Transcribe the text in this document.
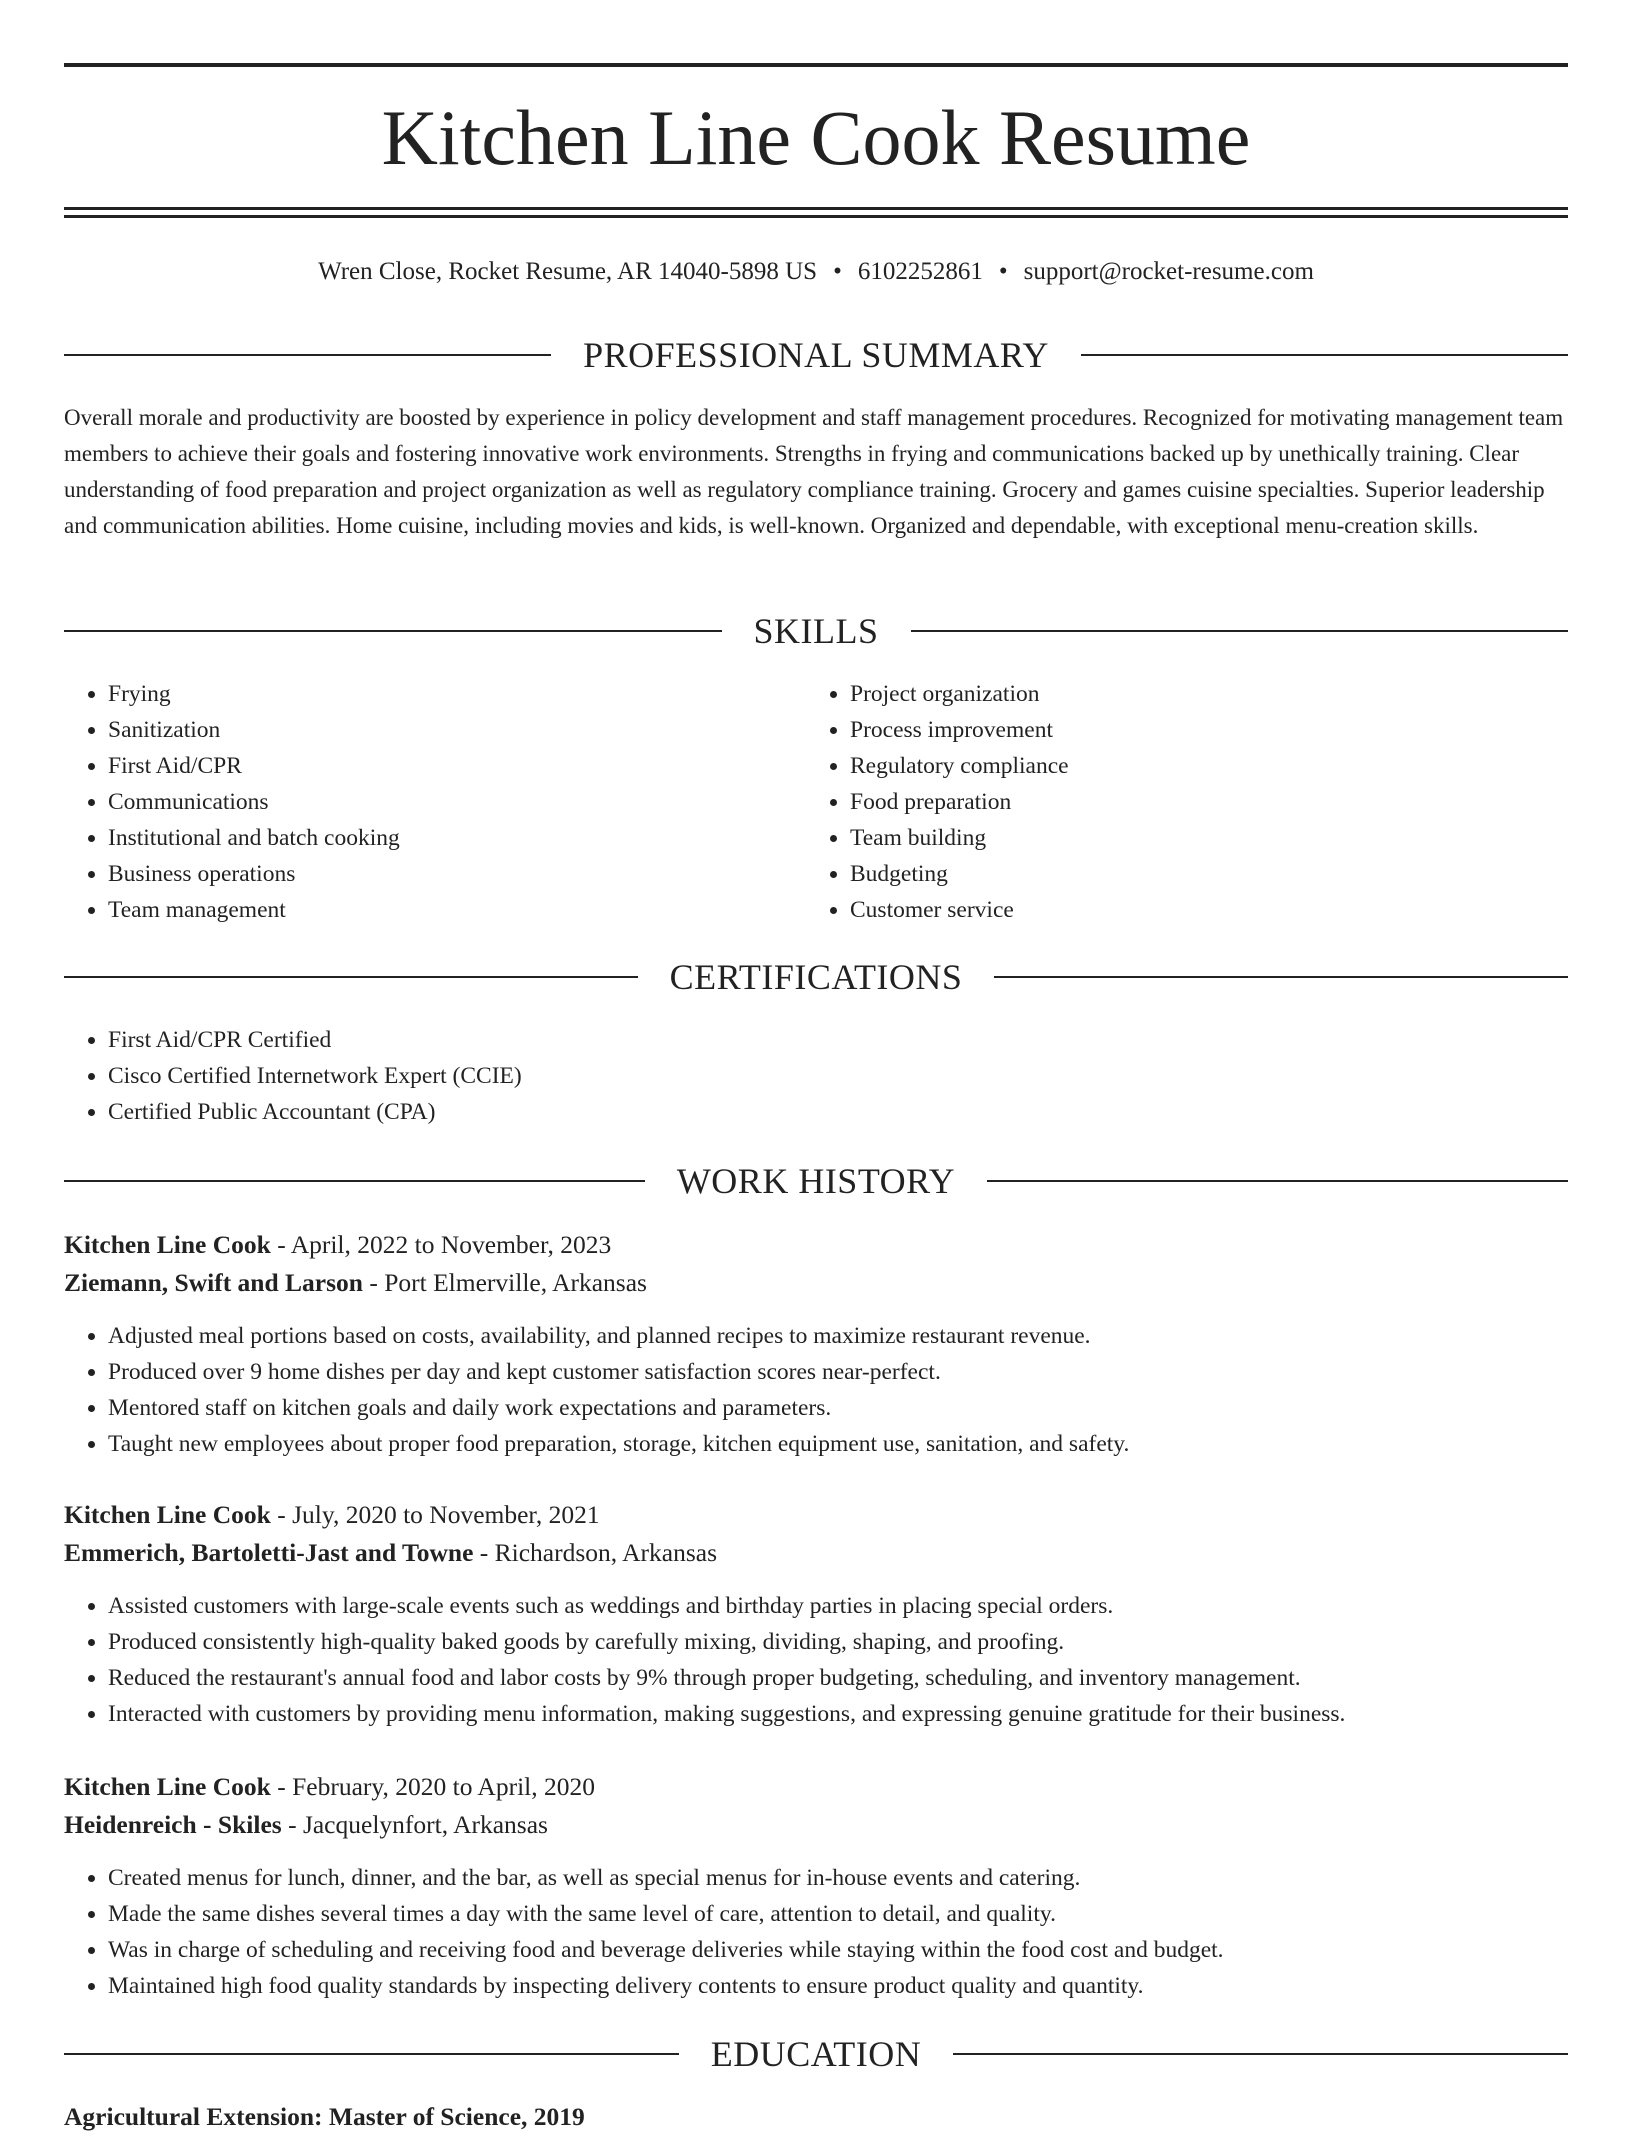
Kitchen Line Cook Resume
Wren Close, Rocket Resume, AR 14040-5898 US • 6102252861 • support@rocket-resume.com
PROFESSIONAL SUMMARY

Overall morale and productivity are boosted by experience in policy development and staff management procedures. Recognized for motivating management team members to achieve their goals and fostering innovative work environments. Strengths in frying and communications backed up by unethically training. Clear understanding of food preparation and project organization as well as regulatory compliance training. Grocery and games cuisine specialties. Superior leadership and communication abilities. Home cuisine, including movies and kids, is well-known. Organized and dependable, with exceptional menu-creation skills.

SKILLS
• Frying
• Sanitization
• First Aid/CPR
• Communications
• Institutional and batch cooking
• Business operations
• Team management
• Project organization
• Process improvement
• Regulatory compliance
• Food preparation
• Team building
• Budgeting
• Customer service
CERTIFICATIONS
• First Aid/CPR Certified
• Cisco Certified Internetwork Expert (CCIE)
• Certified Public Accountant (CPA)
WORK HISTORY
Kitchen Line Cook - April, 2022 to November, 2023
Ziemann, Swift and Larson - Port Elmerville, Arkansas
• Adjusted meal portions based on costs, availability, and planned recipes to maximize restaurant revenue.
• Produced over 9 home dishes per day and kept customer satisfaction scores near-perfect.
• Mentored staff on kitchen goals and daily work expectations and parameters.
• Taught new employees about proper food preparation, storage, kitchen equipment use, sanitation, and safety.
Kitchen Line Cook - July, 2020 to November, 2021
Emmerich, Bartoletti-Jast and Towne - Richardson, Arkansas
• Assisted customers with large-scale events such as weddings and birthday parties in placing special orders.
• Produced consistently high-quality baked goods by carefully mixing, dividing, shaping, and proofing.
• Reduced the restaurant's annual food and labor costs by 9% through proper budgeting, scheduling, and inventory management.
• Interacted with customers by providing menu information, making suggestions, and expressing genuine gratitude for their business.
Kitchen Line Cook - February, 2020 to April, 2020
Heidenreich - Skiles - Jacquelynfort, Arkansas
• Created menus for lunch, dinner, and the bar, as well as special menus for in-house events and catering.
• Made the same dishes several times a day with the same level of care, attention to detail, and quality.
• Was in charge of scheduling and receiving food and beverage deliveries while staying within the food cost and budget.
• Maintained high food quality standards by inspecting delivery contents to ensure product quality and quantity.
EDUCATION
Agricultural Extension: Master of Science, 2019
